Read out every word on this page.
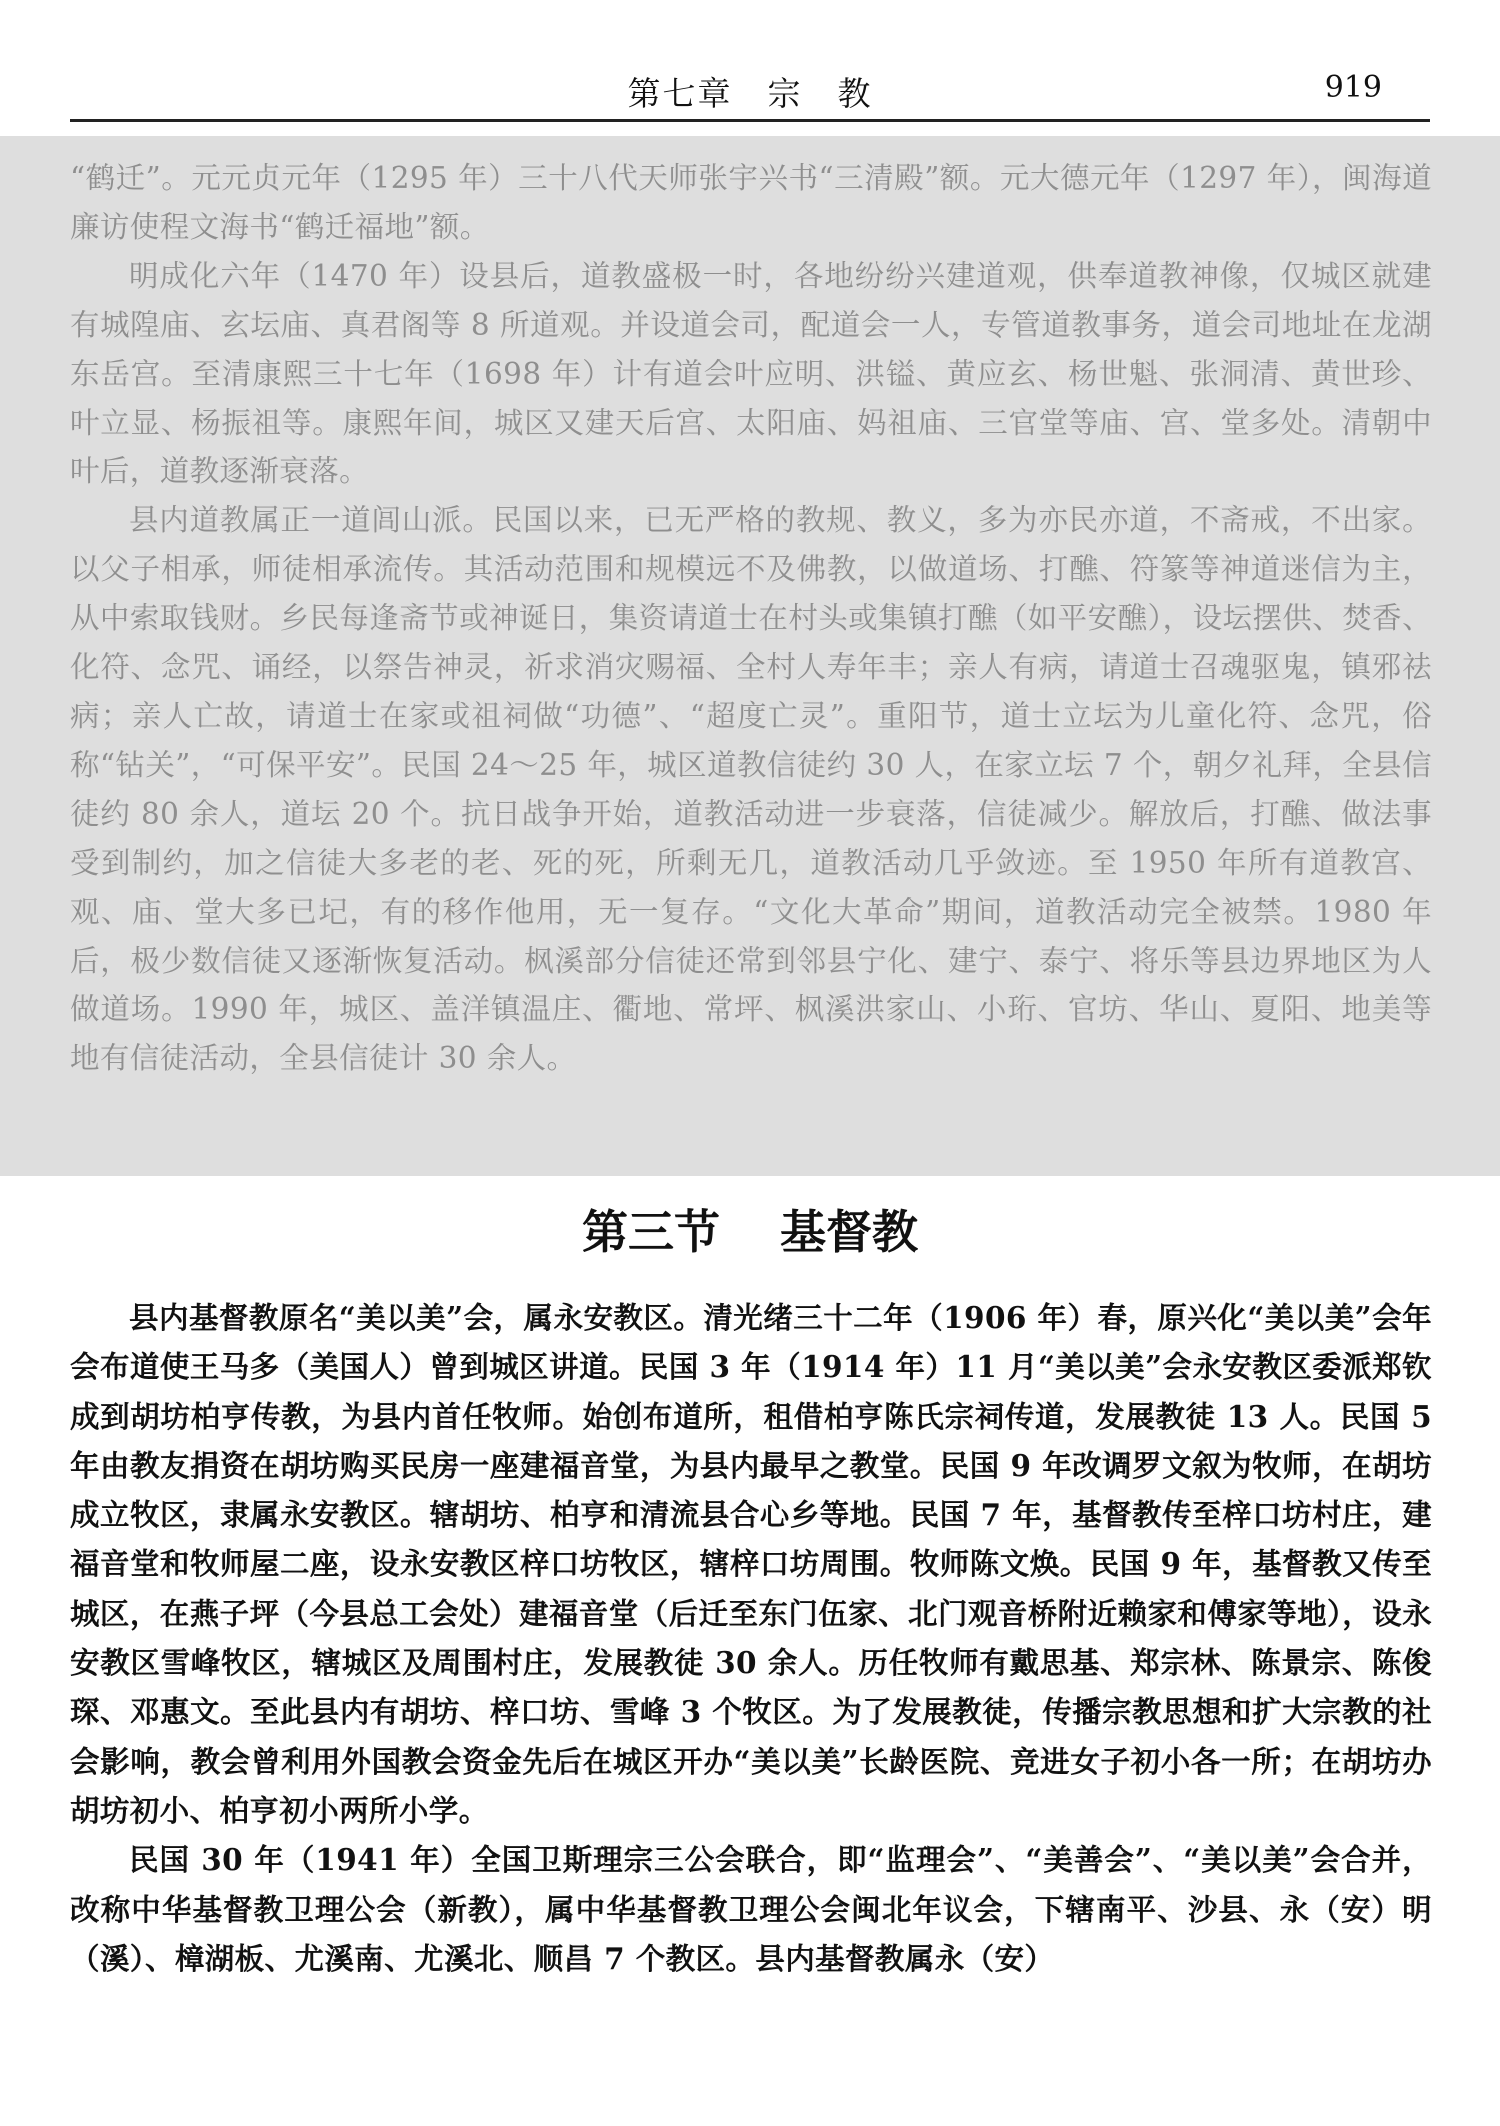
第七章　宗　教	919

“鹤迁”。元元贞元年（1295 年）三十八代天师张宇兴书“三清殿”额。元大德元年（1297 年），闽海道廉访使程文海书“鹤迁福地”额。

明成化六年（1470 年）设县后，道教盛极一时，各地纷纷兴建道观，供奉道教神像，仅城区就建有城隍庙、玄坛庙、真君阁等 8 所道观。并设道会司，配道会一人，专管道教事务，道会司地址在龙湖东岳宫。至清康熙三十七年（1698 年）计有道会叶应明、洪镒、黄应玄、杨世魁、张洞清、黄世珍、叶立显、杨振祖等。康熙年间，城区又建天后宫、太阳庙、妈祖庙、三官堂等庙、宫、堂多处。清朝中叶后，道教逐渐衰落。

县内道教属正一道闾山派。民国以来，已无严格的教规、教义，多为亦民亦道，不斋戒，不出家。以父子相承，师徒相承流传。其活动范围和规模远不及佛教，以做道场、打醮、符篆等神道迷信为主，从中索取钱财。乡民每逢斋节或神诞日，集资请道士在村头或集镇打醮（如平安醮），设坛摆供、焚香、化符、念咒、诵经，以祭告神灵，祈求消灾赐福、全村人寿年丰；亲人有病，请道士召魂驱鬼，镇邪祛病；亲人亡故，请道士在家或祖祠做“功德”、“超度亡灵”。重阳节，道士立坛为儿童化符、念咒，俗称“钻关”，“可保平安”。民国 24～25 年，城区道教信徒约 30 人，在家立坛 7 个，朝夕礼拜，全县信徒约 80 余人，道坛 20 个。抗日战争开始，道教活动进一步衰落，信徒减少。解放后，打醮、做法事受到制约，加之信徒大多老的老、死的死，所剩无几，道教活动几乎敛迹。至 1950 年所有道教宫、观、庙、堂大多已圮，有的移作他用，无一复存。“文化大革命”期间，道教活动完全被禁。1980 年后，极少数信徒又逐渐恢复活动。枫溪部分信徒还常到邻县宁化、建宁、泰宁、将乐等县边界地区为人做道场。1990 年，城区、盖洋镇温庄、衢地、常坪、枫溪洪家山、小珩、官坊、华山、夏阳、地美等地有信徒活动，全县信徒计 30 余人。

第三节 基督教

县内基督教原名“美以美”会，属永安教区。清光绪三十二年（1906 年）春，原兴化“美以美”会年会布道使王马多（美国人）曾到城区讲道。民国 3 年（1914 年）11 月“美以美”会永安教区委派郑钦成到胡坊柏亨传教，为县内首任牧师。始创布道所，租借柏亨陈氏宗祠传道，发展教徒 13 人。民国 5 年由教友捐资在胡坊购买民房一座建福音堂，为县内最早之教堂。民国 9 年改调罗文叙为牧师，在胡坊成立牧区，隶属永安教区。辖胡坊、柏亨和清流县合心乡等地。民国 7 年，基督教传至梓口坊村庄，建福音堂和牧师屋二座，设永安教区梓口坊牧区，辖梓口坊周围。牧师陈文焕。民国 9 年，基督教又传至城区，在燕子坪（今县总工会处）建福音堂（后迁至东门伍家、北门观音桥附近赖家和傅家等地），设永安教区雪峰牧区，辖城区及周围村庄，发展教徒 30 余人。历任牧师有戴思基、郑宗林、陈景宗、陈俊琛、邓惠文。至此县内有胡坊、梓口坊、雪峰 3 个牧区。为了发展教徒，传播宗教思想和扩大宗教的社会影响，教会曾利用外国教会资金先后在城区开办“美以美”长龄医院、竞进女子初小各一所；在胡坊办胡坊初小、柏亨初小两所小学。

民国 30 年（1941 年）全国卫斯理宗三公会联合，即“监理会”、“美善会”、“美以美”会合并，改称中华基督教卫理公会（新教），属中华基督教卫理公会闽北年议会，下辖南平、沙县、永（安）明（溪）、樟湖板、尤溪南、尤溪北、顺昌 7 个教区。县内基督教属永（安）
